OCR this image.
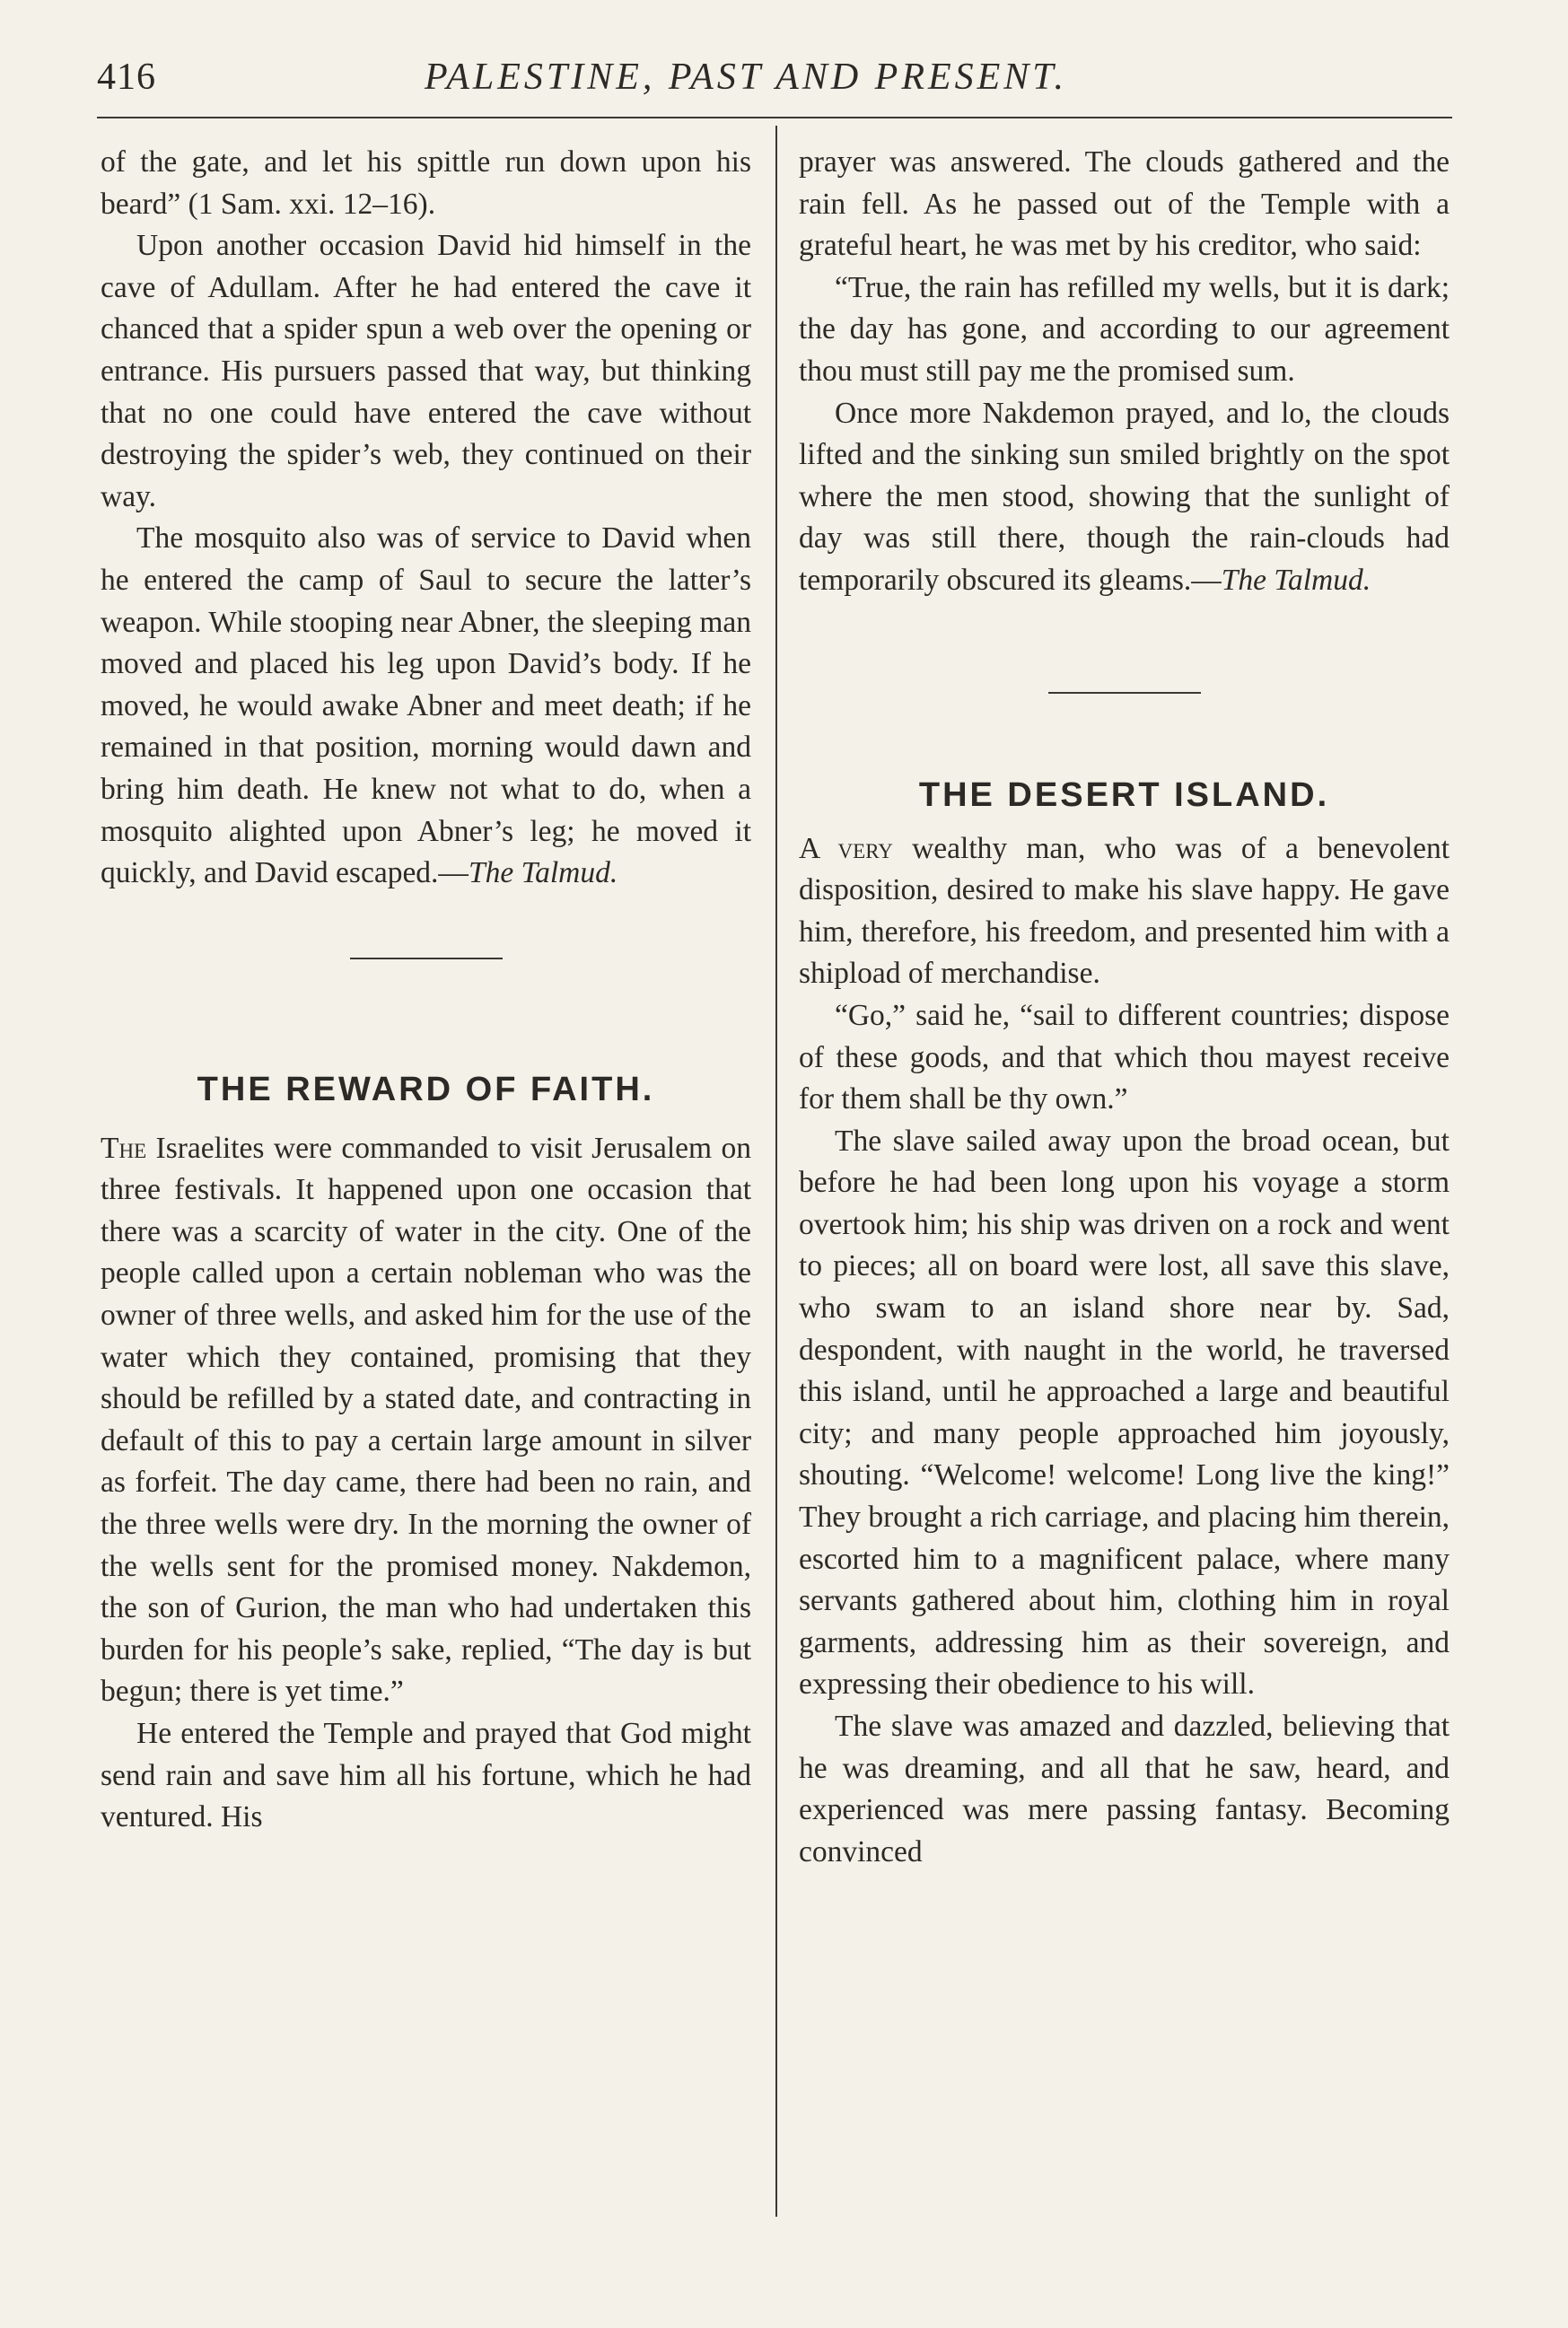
416	PALESTINE, PAST AND PRESENT.

of the gate, and let his spittle run down upon his beard” (1 Sam. xxi. 12–16).

Upon another occasion David hid himself in the cave of Adullam. After he had entered the cave it chanced that a spider spun a web over the opening or entrance. His pursuers passed that way, but thinking that no one could have entered the cave without destroying the spider’s web, they continued on their way.

The mosquito also was of service to David when he entered the camp of Saul to secure the latter’s weapon. While stooping near Abner, the sleeping man moved and placed his leg upon David’s body. If he moved, he would awake Abner and meet death; if he remained in that position, morning would dawn and bring him death. He knew not what to do, when a mosquito alighted upon Abner’s leg; he moved it quickly, and David escaped.—The Talmud.

THE REWARD OF FAITH.

The Israelites were commanded to visit Jerusalem on three festivals. It happened upon one occasion that there was a scarcity of water in the city. One of the people called upon a certain nobleman who was the owner of three wells, and asked him for the use of the water which they contained, promising that they should be refilled by a stated date, and contracting in default of this to pay a certain large amount in silver as forfeit. The day came, there had been no rain, and the three wells were dry. In the morning the owner of the wells sent for the promised money. Nakdemon, the son of Gurion, the man who had undertaken this burden for his people’s sake, replied, “The day is but begun; there is yet time.”

He entered the Temple and prayed that God might send rain and save him all his fortune, which he had ventured. His

prayer was answered. The clouds gathered and the rain fell. As he passed out of the Temple with a grateful heart, he was met by his creditor, who said:

“True, the rain has refilled my wells, but it is dark; the day has gone, and according to our agreement thou must still pay me the promised sum.

Once more Nakdemon prayed, and lo, the clouds lifted and the sinking sun smiled brightly on the spot where the men stood, showing that the sunlight of day was still there, though the rain-clouds had temporarily obscured its gleams.—The Talmud.

THE DESERT ISLAND.

A very wealthy man, who was of a benevolent disposition, desired to make his slave happy. He gave him, therefore, his freedom, and presented him with a shipload of merchandise.

“Go,” said he, “sail to different countries; dispose of these goods, and that which thou mayest receive for them shall be thy own.”

The slave sailed away upon the broad ocean, but before he had been long upon his voyage a storm overtook him; his ship was driven on a rock and went to pieces; all on board were lost, all save this slave, who swam to an island shore near by. Sad, despondent, with naught in the world, he traversed this island, until he approached a large and beautiful city; and many people approached him joyously, shouting. “Welcome! welcome! Long live the king!” They brought a rich carriage, and placing him therein, escorted him to a magnificent palace, where many servants gathered about him, clothing him in royal garments, addressing him as their sovereign, and expressing their obedience to his will.

The slave was amazed and dazzled, believing that he was dreaming, and all that he saw, heard, and experienced was mere passing fantasy. Becoming convinced
